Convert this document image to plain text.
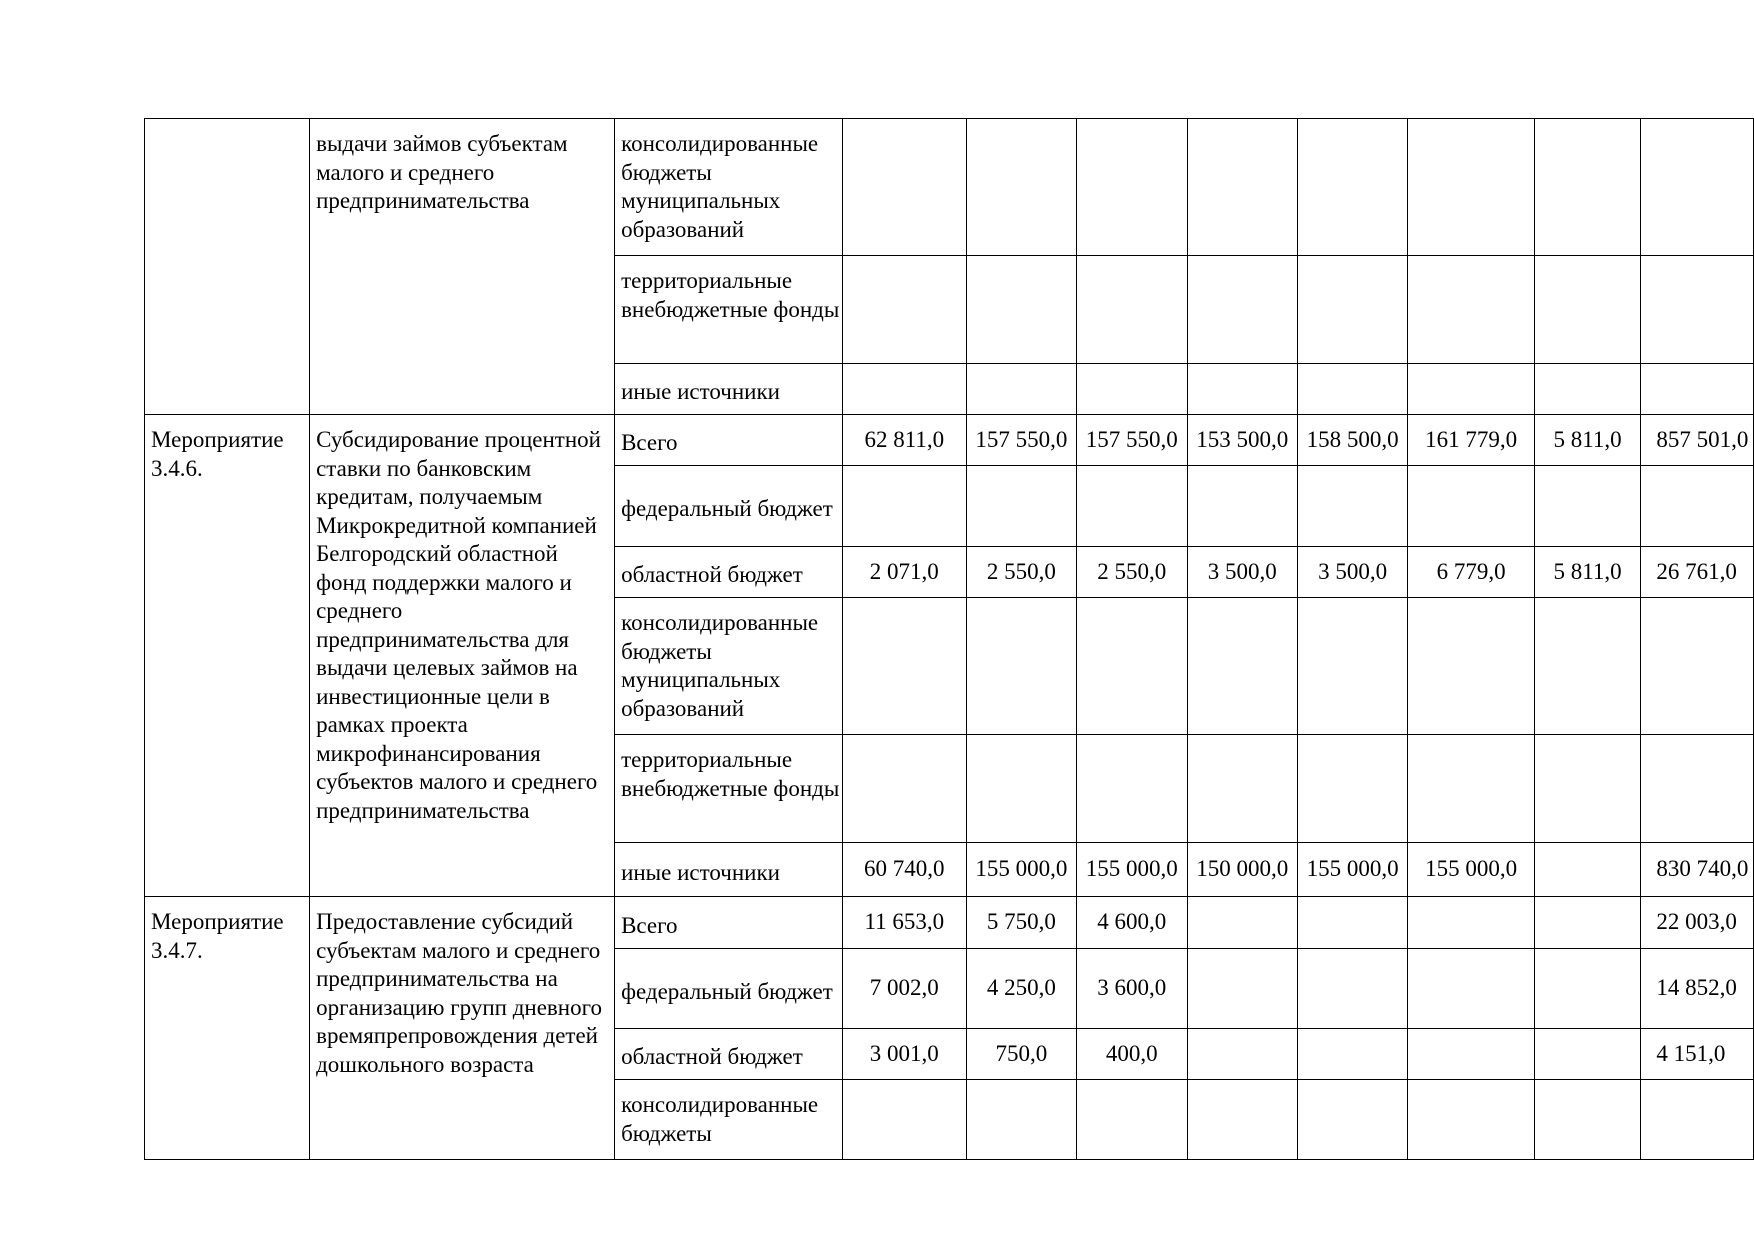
	выдачи займов субъектам малого и среднего предпринимательства	консолидированные бюджеты муниципальных образований								
		территориальные внебюджетные фонды								
		иные источники								
Мероприятие 3.4.6.	Субсидирование процентной ставки по банковским кредитам, получаемым Микрокредитной компанией Белгородский областной фонд поддержки малого и среднего предпринимательства для выдачи целевых займов на инвестиционные цели в рамках проекта микрофинансирования субъектов малого и среднего предпринимательства	Всего	62 811,0	157 550,0	157 550,0	153 500,0	158 500,0	161 779,0	5 811,0	857 501,0
		федеральный бюджет								
		областной бюджет	2 071,0	2 550,0	2 550,0	3 500,0	3 500,0	6 779,0	5 811,0	26 761,0
		консолидированные бюджеты муниципальных образований								
		территориальные внебюджетные фонды								
		иные источники	60 740,0	155 000,0	155 000,0	150 000,0	155 000,0	155 000,0		830 740,0
Мероприятие 3.4.7.	Предоставление субсидий субъектам малого и среднего предпринимательства на организацию групп дневного времяпрепровождения детей дошкольного возраста	Всего	11 653,0	5 750,0	4 600,0					22 003,0
		федеральный бюджет	7 002,0	4 250,0	3 600,0					14 852,0
		областной бюджет	3 001,0	750,0	400,0					4 151,0
		консолидированные бюджеты								
